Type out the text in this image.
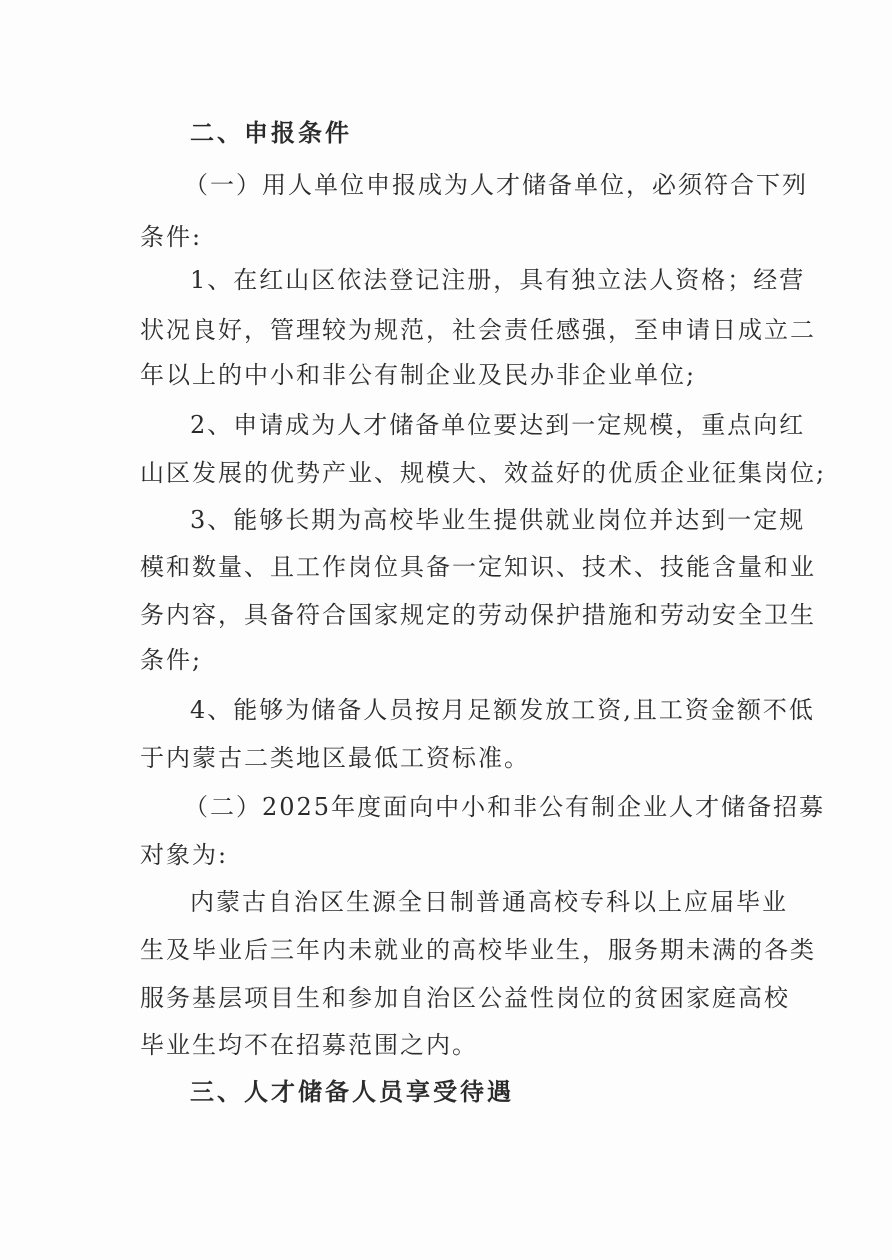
二、申报条件
（一）用人单位申报成为人才储备单位，必须符合下列
条件:
1、在红山区依法登记注册，具有独立法人资格；经营
状况良好，管理较为规范，社会责任感强，至申请日成立二
年以上的中小和非公有制企业及民办非企业单位;
2、申请成为人才储备单位要达到一定规模，重点向红
山区发展的优势产业、规模大、效益好的优质企业征集岗位;
3、能够长期为高校毕业生提供就业岗位并达到一定规
模和数量、且工作岗位具备一定知识、技术、技能含量和业
务内容，具备符合国家规定的劳动保护措施和劳动安全卫生
条件;
4、能够为储备人员按月足额发放工资,且工资金额不低
于内蒙古二类地区最低工资标准。
（二）2025年度面向中小和非公有制企业人才储备招募
对象为:
内蒙古自治区生源全日制普通高校专科以上应届毕业
生及毕业后三年内未就业的高校毕业生，服务期未满的各类
服务基层项目生和参加自治区公益性岗位的贫困家庭高校
毕业生均不在招募范围之内。
三、人才储备人员享受待遇
